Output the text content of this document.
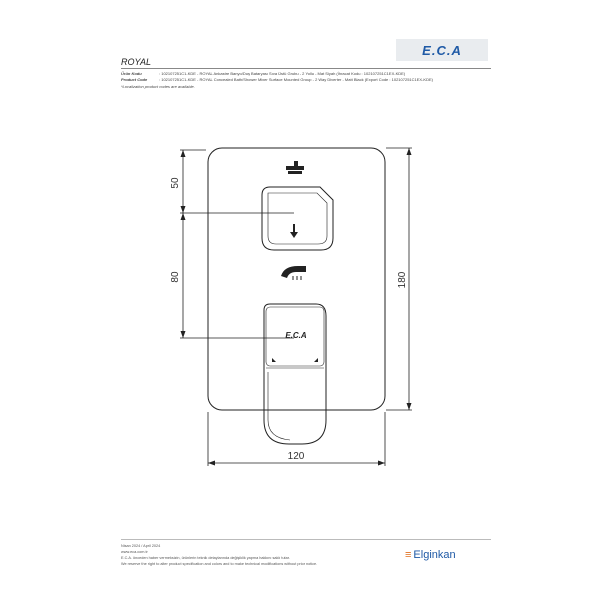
E.C.A
ROYAL
Ürün Kodu	: 102107251C1-KDE - ROYAL Ankastre Banyo/Duş Bataryası Sıva Üstü Grubu - 2 Yollu - Mat Siyah (İhracat Kodu : 102107251C1EX-KDE)
Product Code	: 102107251C1-KDE - ROYAL Concealed Bath/Shower Mixer Surface Mounted Group - 2 Way Diverter - Matt Black (Export Code : 102107251C1EX-KDE)
*Localization product codes are available.
E.C.A
50
80	180
120
Nisan 2024 / April 2024
www.eca.com.tr
E.C.A. önceden haber vermeksizin, ürünlerin teknik detaylarında değişiklik yapma hakkını saklı tutar.
We reserve the right to alter product specification and colors and to make technical modifications without prior notice.
≡ Elginkan
